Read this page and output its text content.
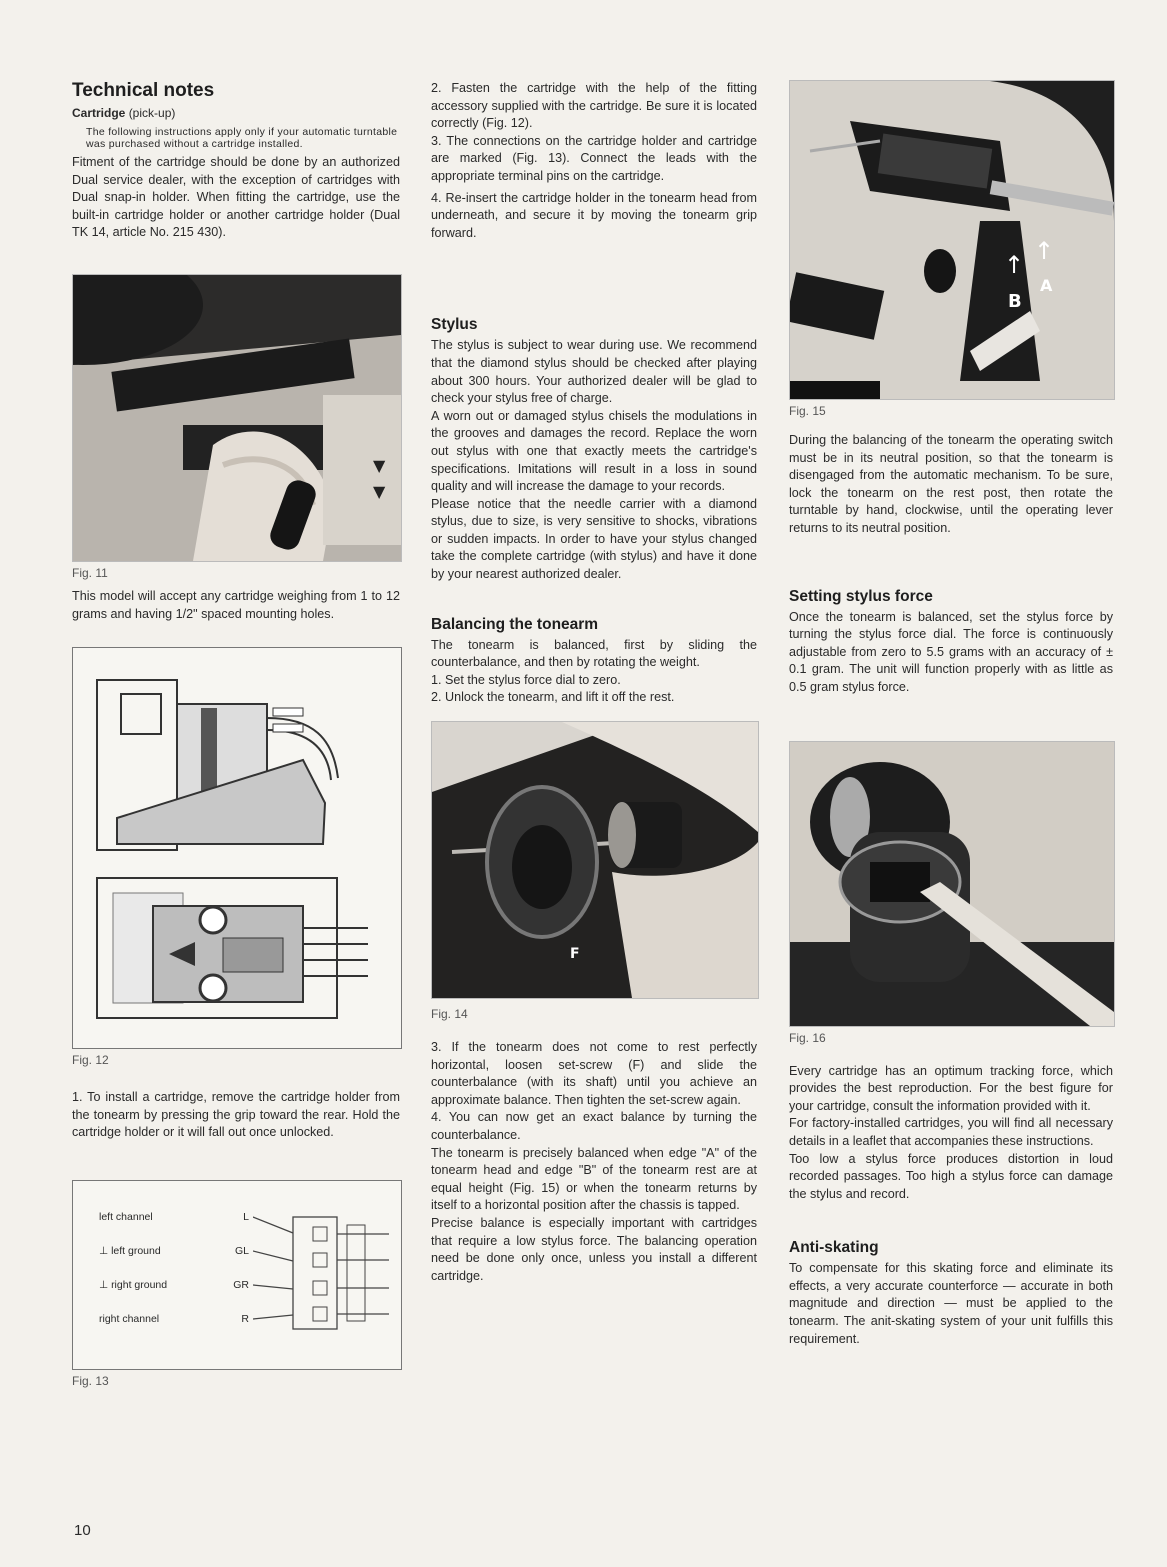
Technical notes
Cartridge (pick-up)
The following instructions apply only if your automatic turntable was purchased without a cartridge installed.

Fitment of the cartridge should be done by an authorized Dual service dealer, with the exception of cartridges with Dual snap-in holder. When fitting the cartridge, use the built-in cartridge holder or another cartridge holder (Dual TK 14, article No. 215 430).

▼
▼
Fig. 11

This model will accept any cartridge weighing from 1 to 12 grams and having 1/2" spaced mounting holes.

Fig. 12

1. To install a cartridge, remove the cartridge holder from the tonearm by pressing the grip toward the rear. Hold the cartridge holder or it will fall out once unlocked.

left channel	L
⊥ left ground	GL
⊥ right ground	GR
right channel	R
Fig. 13

2. Fasten the cartridge with the help of the fitting accessory supplied with the cartridge. Be sure it is located correctly (Fig. 12).

3. The connections on the cartridge holder and cartridge are marked (Fig. 13). Connect the leads with the appropriate terminal pins on the cartridge.

4. Re-insert the cartridge holder in the tonearm head from underneath, and secure it by moving the tonearm grip forward.

Stylus

The stylus is subject to wear during use. We recommend that the diamond stylus should be checked after playing about 300 hours. Your authorized dealer will be glad to check your stylus free of charge.

A worn out or damaged stylus chisels the modulations in the grooves and damages the record. Replace the worn out stylus with one that exactly meets the cartridge's specifications. Imitations will result in a loss in sound quality and will increase the damage to your records.

Please notice that the needle carrier with a diamond stylus, due to size, is very sensitive to shocks, vibrations or sudden impacts. In order to have your stylus changed take the complete cartridge (with stylus) and have it done by your nearest authorized dealer.

Balancing the tonearm

The tonearm is balanced, first by sliding the counterbalance, and then by rotating the weight.

1. Set the stylus force dial to zero.

2. Unlock the tonearm, and lift it off the rest.

F
Fig. 14

3. If the tonearm does not come to rest perfectly horizontal, loosen set-screw (F) and slide the counterbalance (with its shaft) until you achieve an approximate balance. Then tighten the set-screw again.

4. You can now get an exact balance by turning the counterbalance.

The tonearm is precisely balanced when edge "A" of the tonearm head and edge "B" of the tonearm rest are at equal height (Fig. 15) or when the tonearm returns by itself to a horizontal position after the chassis is tapped.

Precise balance is especially important with cartridges that require a low stylus force. The balancing operation need be done only once, unless you install a different cartridge.

↑ ↑
A
B
Fig. 15

During the balancing of the tonearm the operating switch must be in its neutral position, so that the tonearm is disengaged from the automatic mechanism. To be sure, lock the tonearm on the rest post, then rotate the turntable by hand, clockwise, until the operating lever returns to its neutral position.

Setting stylus force

Once the tonearm is balanced, set the stylus force by turning the stylus force dial. The force is continuously adjustable from zero to 5.5 grams with an accuracy of ± 0.1 gram. The unit will function properly with as little as 0.5 gram stylus force.

Fig. 16

Every cartridge has an optimum tracking force, which provides the best reproduction. For the best figure for your cartridge, consult the information provided with it.

For factory-installed cartridges, you will find all necessary details in a leaflet that accompanies these instructions.

Too low a stylus force produces distortion in loud recorded passages. Too high a stylus force can damage the stylus and record.

Anti-skating

To compensate for this skating force and eliminate its effects, a very accurate counterforce — accurate in both magnitude and direction — must be applied to the tonearm. The anit-skating system of your unit fulfills this requirement.

10
